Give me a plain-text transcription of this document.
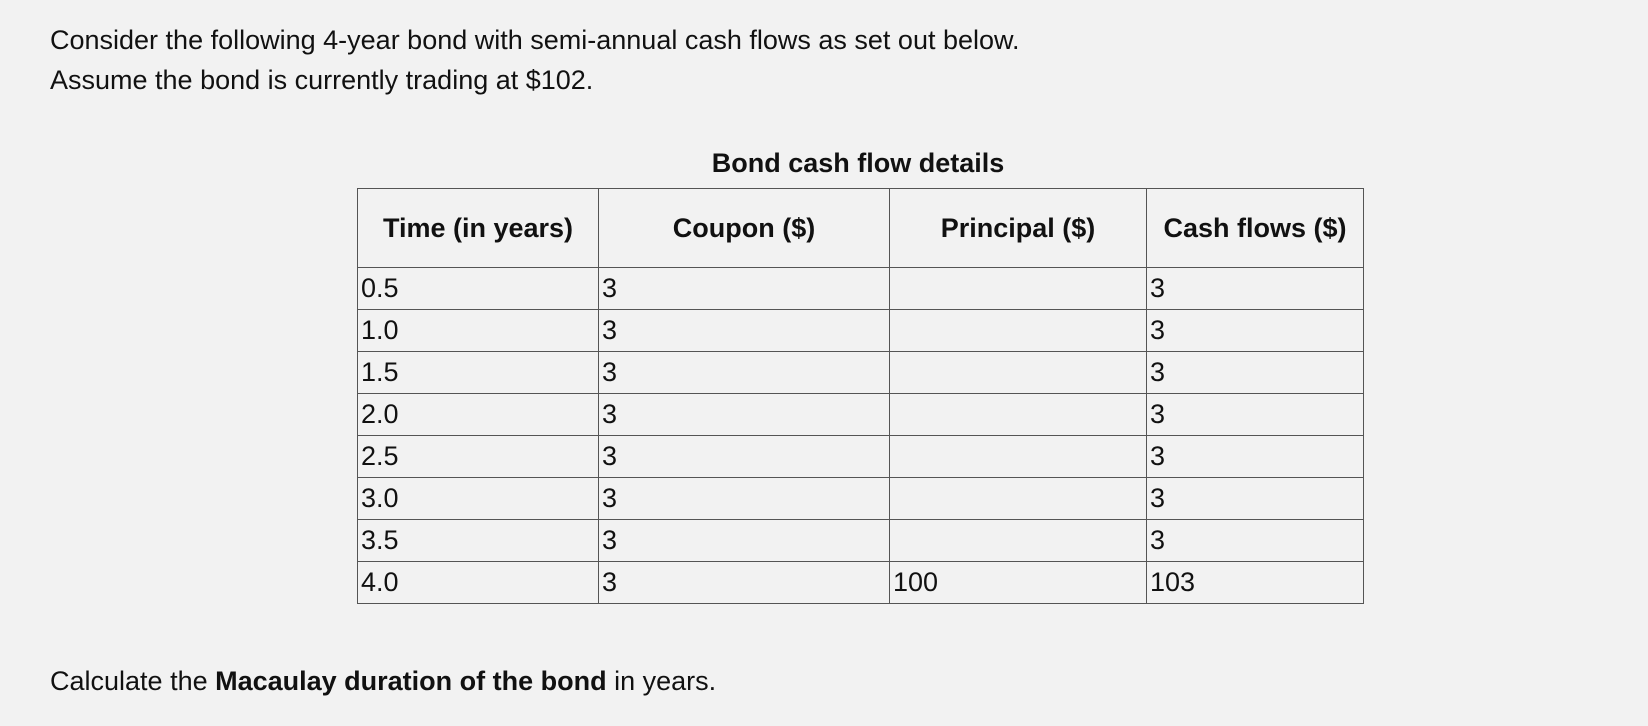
Consider the following 4-year bond with semi-annual cash flows as set out below.

Assume the bond is currently trading at $102.

Bond cash flow details
Time (in years)	Coupon ($)	Principal ($)	Cash flows ($)
0.5	3		3
1.0	3		3
1.5	3		3
2.0	3		3
2.5	3		3
3.0	3		3
3.5	3		3
4.0	3	100	103
Calculate the Macaulay duration of the bond in years.
